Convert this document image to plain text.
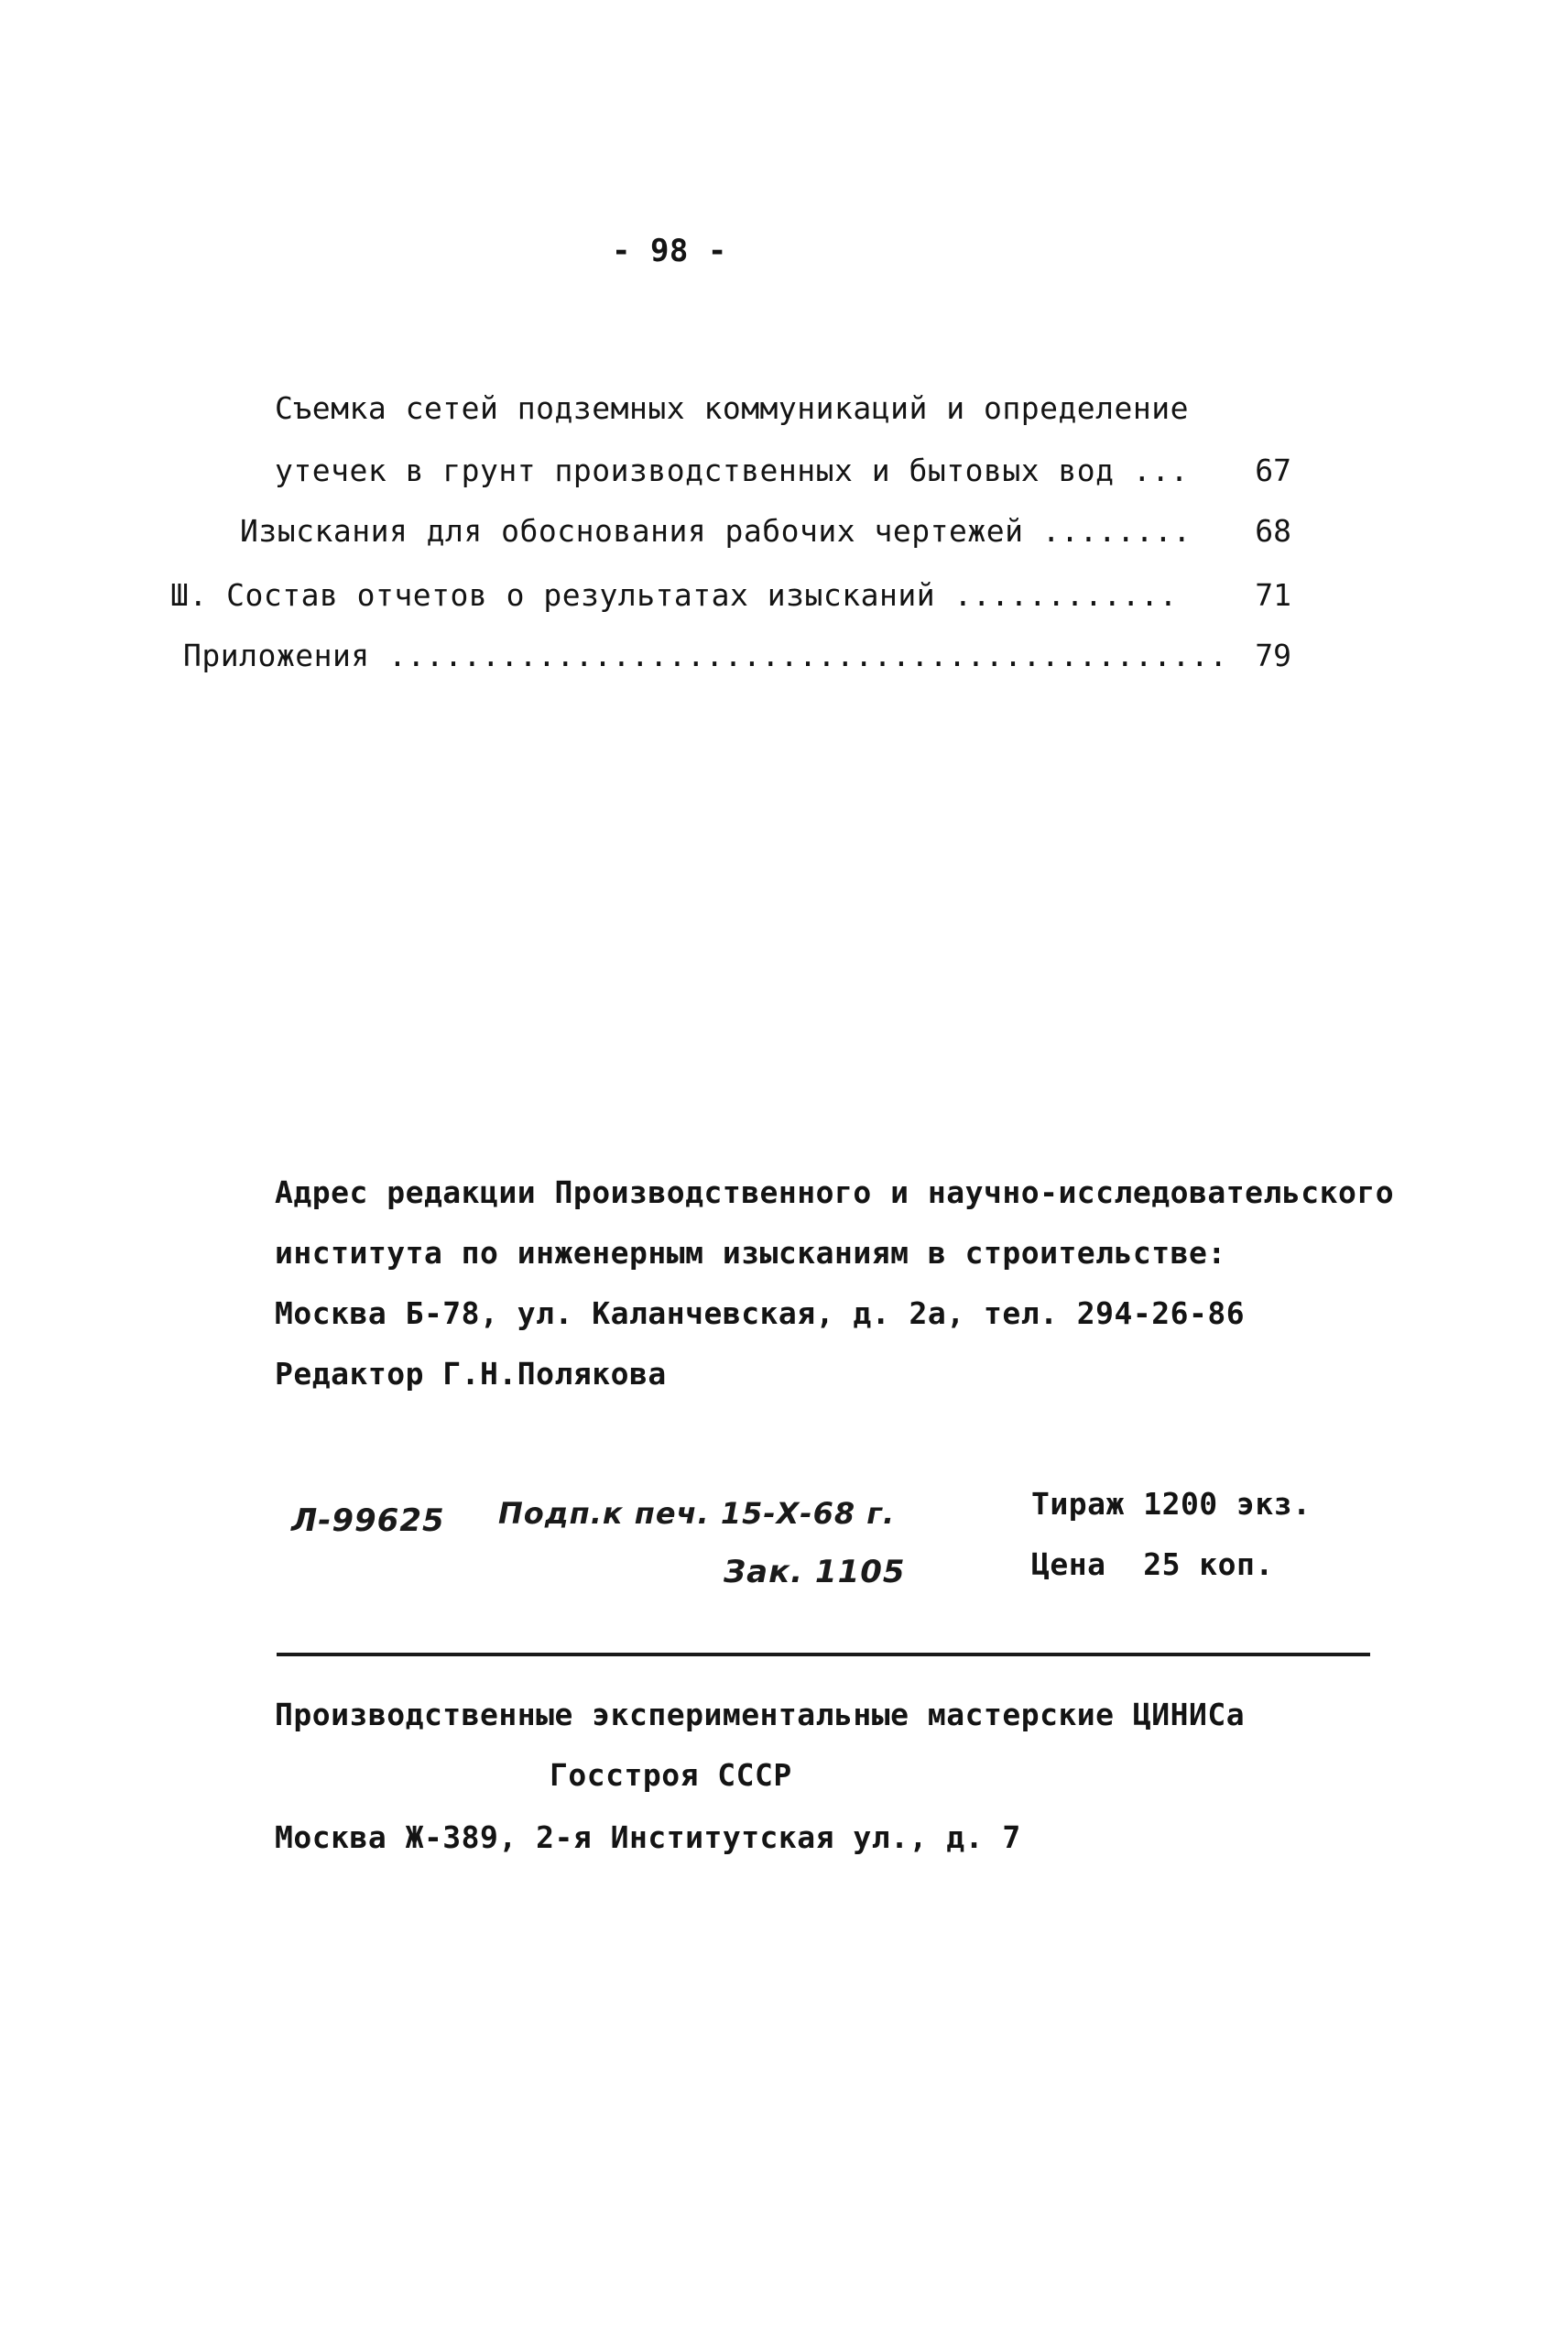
- 98 -
Съемка сетей подземных коммуникаций и определение
утечек в грунт производственных и бытовых вод ...	67
Изыскания для обоснования рабочих чертежей ........	68
Ш. Состав отчетов о результатах изысканий ............	71
Приложения ............................................. 79
Адрес редакции Производственного и научно-исследовательского
института по инженерным изысканиям в строительстве:
Москва Б-78, ул. Каланчевская, д. 2а, тел. 294-26-86
Редактор Г.Н.Полякова
Л-99625 Подп.к печ. 15-Х-68 г.
Зак. 1105
Тираж 1200 экз.
Цена  25 коп.
Производственные экспериментальные мастерские ЦИНИСа
Госстроя СССР
Москва Ж-389, 2-я Институтская ул., д. 7
